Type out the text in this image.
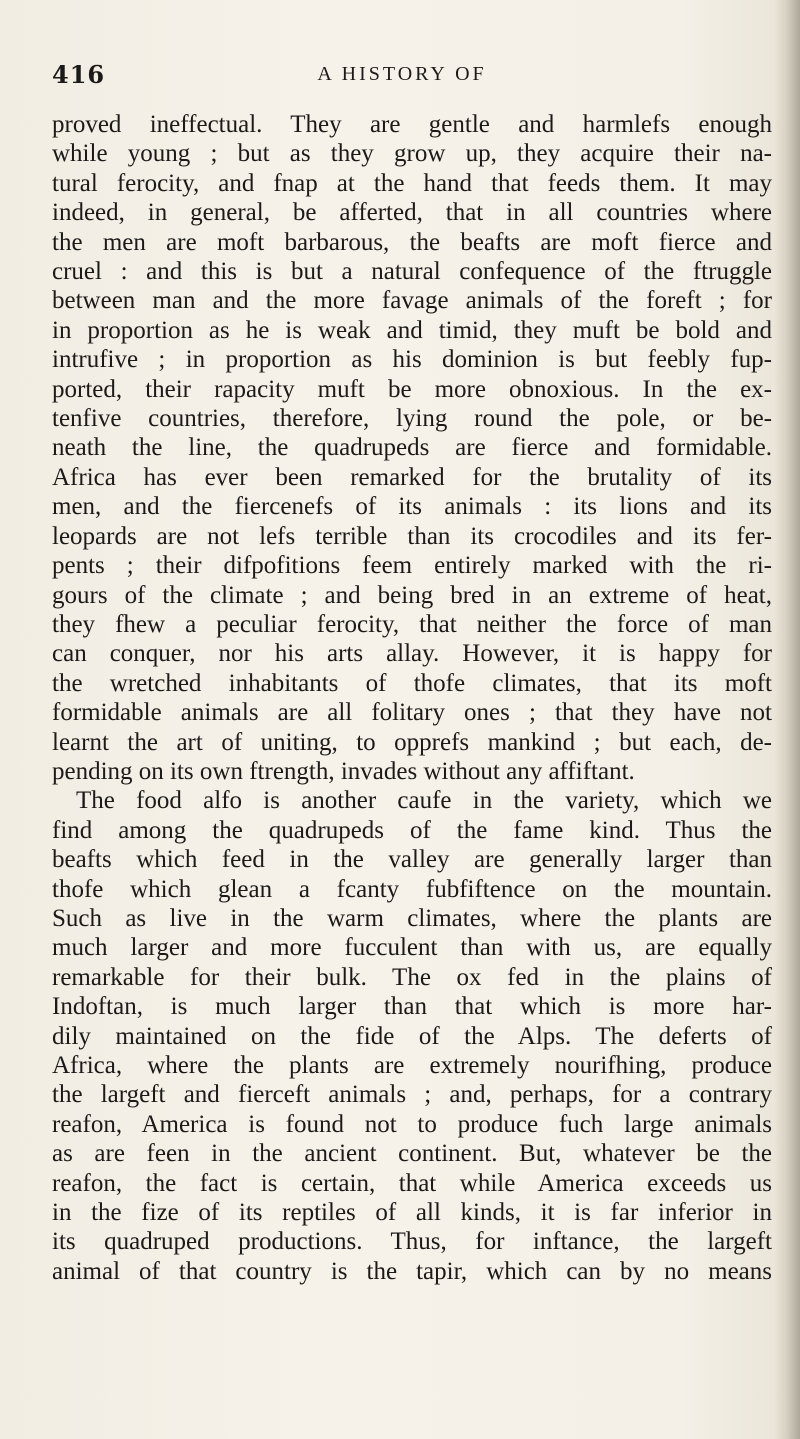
416	A HISTORY OF
proved ineffectual. They are gentle and harmlefs enough
while young ; but as they grow up, they acquire their na-
tural ferocity, and fnap at the hand that feeds them. It may
indeed, in general, be afferted, that in all countries where
the men are moft barbarous, the beafts are moft fierce and
cruel : and this is but a natural confequence of the ftruggle
between man and the more favage animals of the foreft ; for
in proportion as he is weak and timid, they muft be bold and
intrufive ; in proportion as his dominion is but feebly fup-
ported, their rapacity muft be more obnoxious. In the ex-
tenfive countries, therefore, lying round the pole, or be-
neath the line, the quadrupeds are fierce and formidable.
Africa has ever been remarked for the brutality of its
men, and the fiercenefs of its animals : its lions and its
leopards are not lefs terrible than its crocodiles and its fer-
pents ; their difpofitions feem entirely marked with the ri-
gours of the climate ; and being bred in an extreme of heat,
they fhew a peculiar ferocity, that neither the force of man
can conquer, nor his arts allay. However, it is happy for
the wretched inhabitants of thofe climates, that its moft
formidable animals are all folitary ones ; that they have not
learnt the art of uniting, to opprefs mankind ; but each, de-
pending on its own ftrength, invades without any affiftant.
The food alfo is another caufe in the variety, which we
find among the quadrupeds of the fame kind. Thus the
beafts which feed in the valley are generally larger than
thofe which glean a fcanty fubfiftence on the mountain.
Such as live in the warm climates, where the plants are
much larger and more fucculent than with us, are equally
remarkable for their bulk. The ox fed in the plains of
Indoftan, is much larger than that which is more har-
dily maintained on the fide of the Alps. The deferts of
Africa, where the plants are extremely nourifhing, produce
the largeft and fierceft animals ; and, perhaps, for a contrary
reafon, America is found not to produce fuch large animals
as are feen in the ancient continent. But, whatever be the
reafon, the fact is certain, that while America exceeds us
in the fize of its reptiles of all kinds, it is far inferior in
its quadruped productions. Thus, for inftance, the largeft
animal of that country is the tapir, which can by no means
